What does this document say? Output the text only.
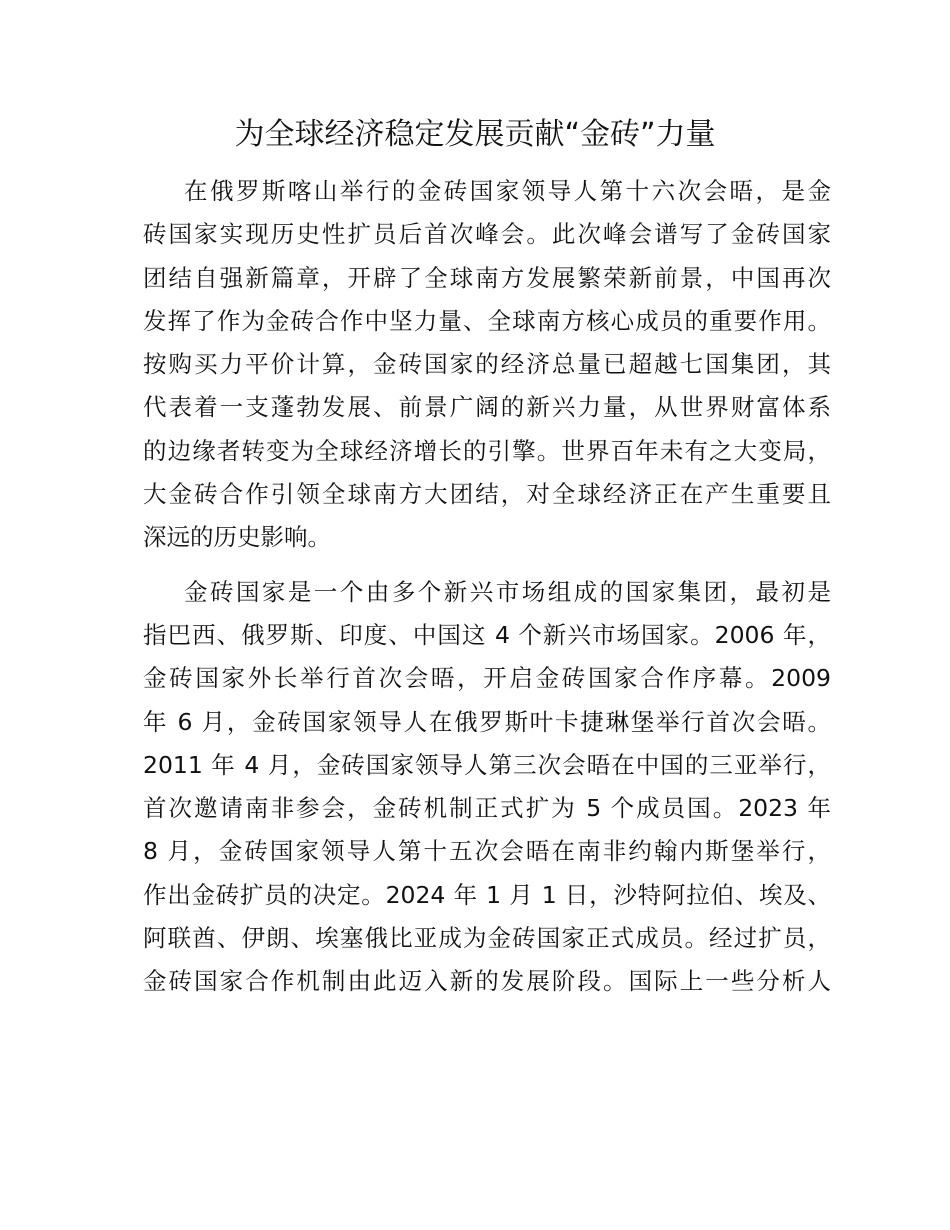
为全球经济稳定发展贡献“金砖”力量
在俄罗斯喀山举行的金砖国家领导人第十六次会晤，是金
砖国家实现历史性扩员后首次峰会。此次峰会谱写了金砖国家
团结自强新篇章，开辟了全球南方发展繁荣新前景，中国再次
发挥了作为金砖合作中坚力量、全球南方核心成员的重要作用。
按购买力平价计算，金砖国家的经济总量已超越七国集团，其
代表着一支蓬勃发展、前景广阔的新兴力量，从世界财富体系
的边缘者转变为全球经济增长的引擎。世界百年未有之大变局，
大金砖合作引领全球南方大团结，对全球经济正在产生重要且
深远的历史影响。
金砖国家是一个由多个新兴市场组成的国家集团，最初是
指巴西、俄罗斯、印度、中国这 4 个新兴市场国家。2006 年，
金砖国家外长举行首次会晤，开启金砖国家合作序幕。2009
年 6 月，金砖国家领导人在俄罗斯叶卡捷琳堡举行首次会晤。
2011 年 4 月，金砖国家领导人第三次会晤在中国的三亚举行，
首次邀请南非参会，金砖机制正式扩为 5 个成员国。2023 年
8 月，金砖国家领导人第十五次会晤在南非约翰内斯堡举行，
作出金砖扩员的决定。2024 年 1 月 1 日，沙特阿拉伯、埃及、
阿联酋、伊朗、埃塞俄比亚成为金砖国家正式成员。经过扩员，
金砖国家合作机制由此迈入新的发展阶段。国际上一些分析人
